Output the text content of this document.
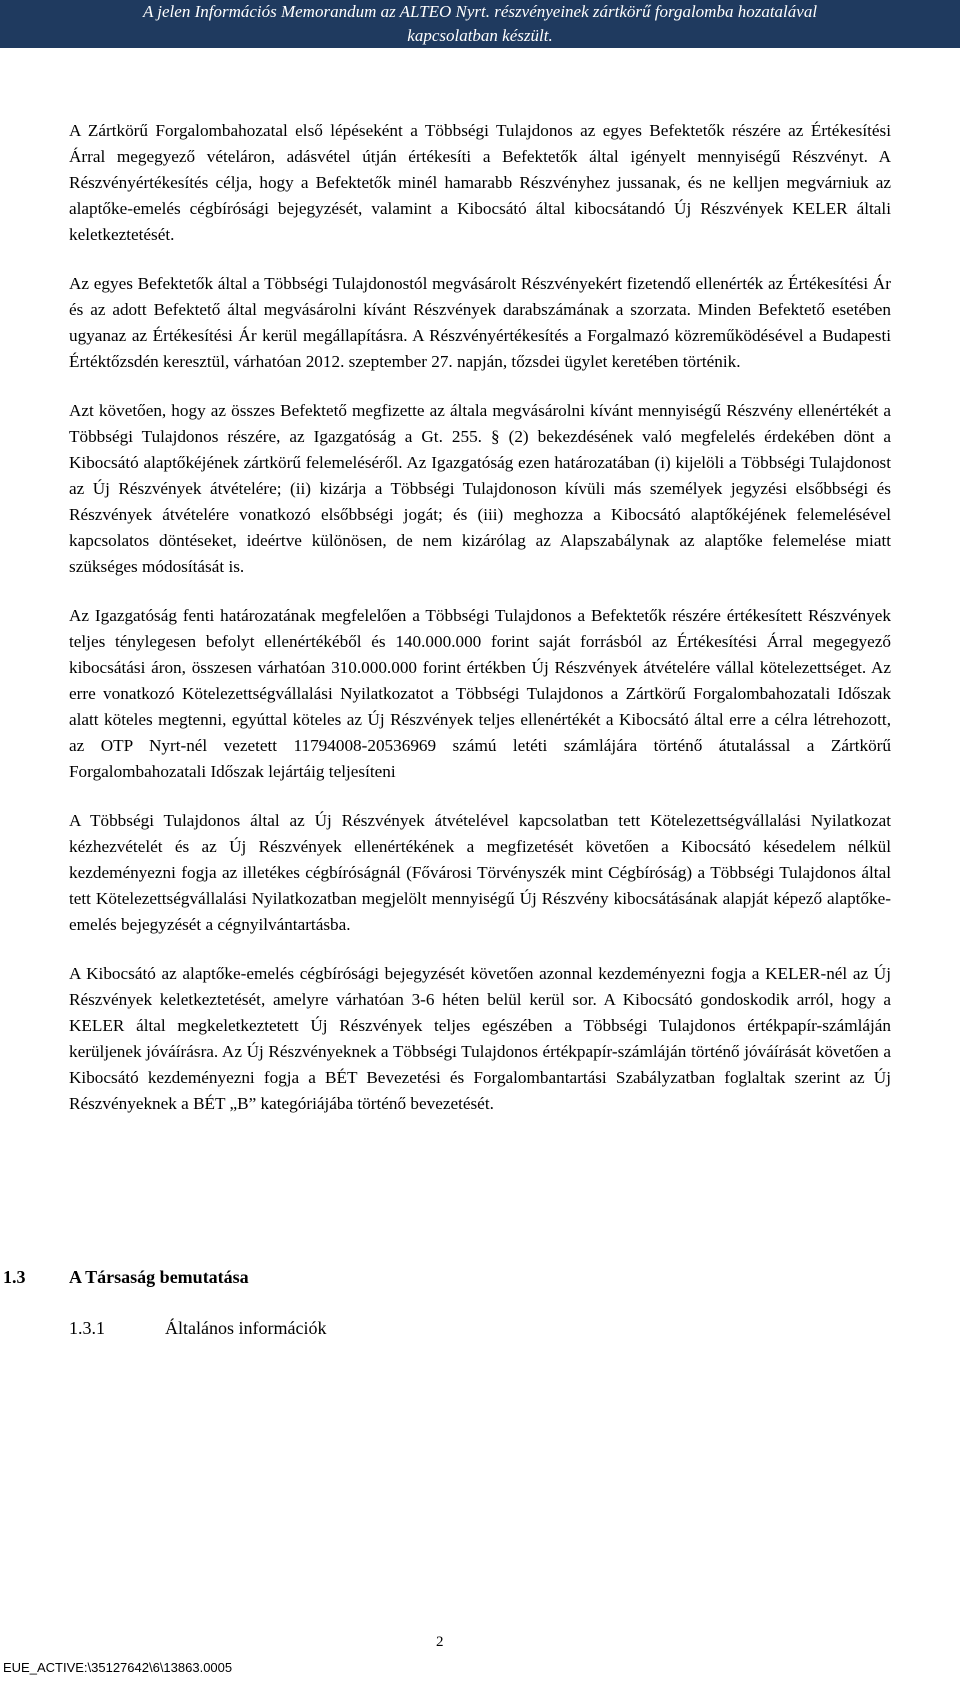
A jelen Információs Memorandum az ALTEO Nyrt. részvényeinek zártkörű forgalomba hozatalával
kapcsolatban készült.

A Zártkörű Forgalombahozatal első lépéseként a Többségi Tulajdonos az egyes Befektetők részére az Értékesítési Árral megegyező vételáron, adásvétel útján értékesíti a Befektetők által igényelt mennyiségű Részvényt. A Részvényértékesítés célja, hogy a Befektetők minél hamarabb Részvényhez jussanak, és ne kelljen megvárniuk az alaptőke-emelés cégbírósági bejegyzését, valamint a Kibocsátó által kibocsátandó Új Részvények KELER általi keletkeztetését.

Az egyes Befektetők által a Többségi Tulajdonostól megvásárolt Részvényekért fizetendő ellenérték az Értékesítési Ár és az adott Befektető által megvásárolni kívánt Részvények darabszámának a szorzata. Minden Befektető esetében ugyanaz az Értékesítési Ár kerül megállapításra. A Részvényértékesítés a Forgalmazó közreműködésével a Budapesti Értéktőzsdén keresztül, várhatóan 2012. szeptember 27. napján, tőzsdei ügylet keretében történik.

Azt követően, hogy az összes Befektető megfizette az általa megvásárolni kívánt mennyiségű Részvény ellenértékét a Többségi Tulajdonos részére, az Igazgatóság a Gt. 255. § (2) bekezdésének való megfelelés érdekében dönt a Kibocsátó alaptőkéjének zártkörű felemeléséről. Az Igazgatóság ezen határozatában (i) kijelöli a Többségi Tulajdonost az Új Részvények átvételére; (ii) kizárja a Többségi Tulajdonoson kívüli más személyek jegyzési elsőbbségi és Részvények átvételére vonatkozó elsőbbségi jogát; és (iii) meghozza a Kibocsátó alaptőkéjének felemelésével kapcsolatos döntéseket, ideértve különösen, de nem kizárólag az Alapszabálynak az alaptőke felemelése miatt szükséges módosítását is.

Az Igazgatóság fenti határozatának megfelelően a Többségi Tulajdonos a Befektetők részére értékesített Részvények teljes ténylegesen befolyt ellenértékéből és 140.000.000 forint saját forrásból az Értékesítési Árral megegyező kibocsátási áron, összesen várhatóan 310.000.000 forint értékben Új Részvények átvételére vállal kötelezettséget. Az erre vonatkozó Kötelezettségvállalási Nyilatkozatot a Többségi Tulajdonos a Zártkörű Forgalombahozatali Időszak alatt köteles megtenni, egyúttal köteles az Új Részvények teljes ellenértékét a Kibocsátó által erre a célra létrehozott, az OTP Nyrt-nél vezetett 11794008-20536969 számú letéti számlájára történő átutalással a Zártkörű Forgalombahozatali Időszak lejártáig teljesíteni

A Többségi Tulajdonos által az Új Részvények átvételével kapcsolatban tett Kötelezettségvállalási Nyilatkozat kézhezvételét és az Új Részvények ellenértékének a megfizetését követően a Kibocsátó késedelem nélkül kezdeményezni fogja az illetékes cégbíróságnál (Fővárosi Törvényszék mint Cégbíróság) a Többségi Tulajdonos által tett Kötelezettségvállalási Nyilatkozatban megjelölt mennyiségű Új Részvény kibocsátásának alapját képező alaptőke-emelés bejegyzését a cégnyilvántartásba.

A Kibocsátó az alaptőke-emelés cégbírósági bejegyzését követően azonnal kezdeményezni fogja a KELER-nél az Új Részvények keletkeztetését, amelyre várhatóan 3-6 héten belül kerül sor. A Kibocsátó gondoskodik arról, hogy a KELER által megkeletkeztetett Új Részvények teljes egészében a Többségi Tulajdonos értékpapír-számláján kerüljenek jóváírásra. Az Új Részvényeknek a Többségi Tulajdonos értékpapír-számláján történő jóváírását követően a Kibocsátó kezdeményezni fogja a BÉT Bevezetési és Forgalombantartási Szabályzatban foglaltak szerint az Új Részvényeknek a BÉT „B” kategóriájába történő bevezetését.

1.3 A Társaság bemutatása
1.3.1	Általános információk
2
EUE_ACTIVE:\35127642\6\13863.0005
